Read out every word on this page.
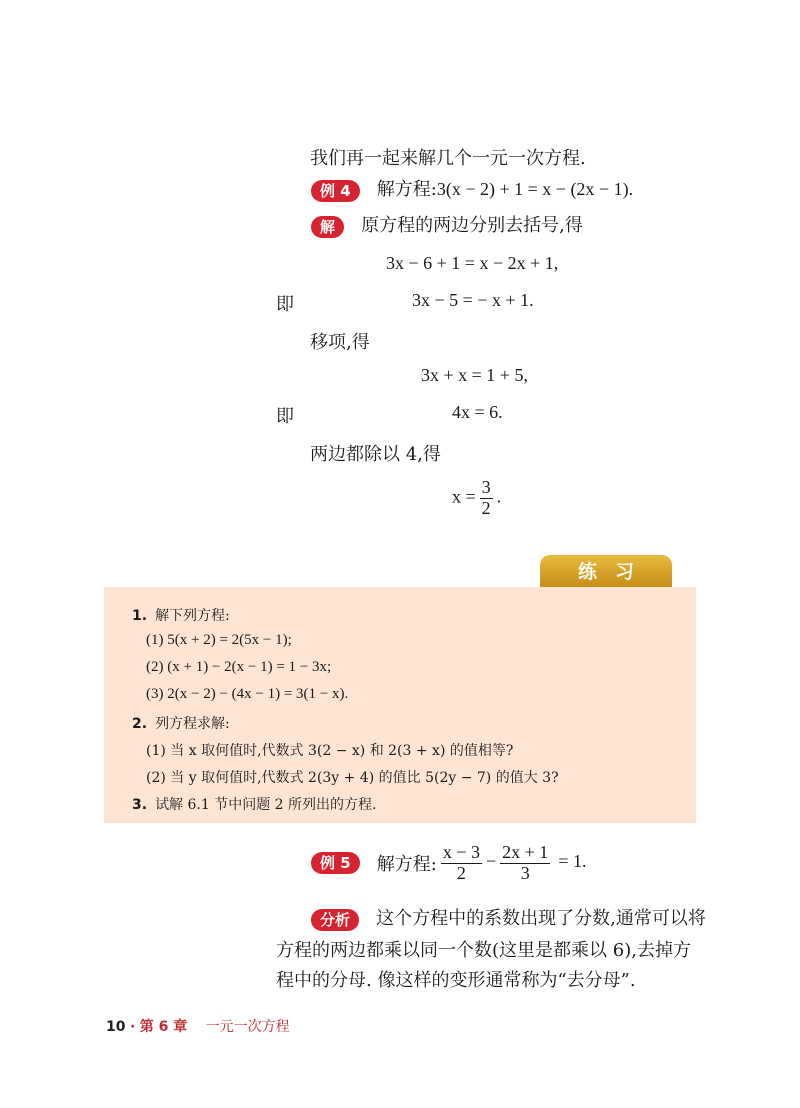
我们再一起来解几个一元一次方程.
例 4 解方程:3(x − 2) + 1 = x − (2x − 1).
解 原方程的两边分别去括号,得
3x − 6 + 1 = x − 2x + 1,
即	3x − 5 = − x + 1.
移项,得
3x + x = 1 + 5,
即	4x = 6.
两边都除以 4,得
$x = \frac{3}{2}$ .
练习
1. 解下列方程:
(1) 5(x + 2) = 2(5x − 1);
(2) (x + 1) − 2(x − 1) = 1 − 3x;
(3) 2(x − 2) − (4x − 1) = 3(1 − x).
2. 列方程求解:
(1) 当 x 取何值时,代数式 3(2 − x) 和 2(3 + x) 的值相等?
(2) 当 y 取何值时,代数式 2(3y + 4) 的值比 5(2y − 7) 的值大 3?
3. 试解 6.1 节中问题 2 所列出的方程.
例 5 解方程: $\frac{x - 3}{2} - \frac{2x + 1}{3} = 1$.
分析 这个方程中的系数出现了分数,通常可以将
方程的两边都乘以同一个数(这里是都乘以 6),去掉方
程中的分母. 像这样的变形通常称为“去分母”.
10 · 第 6 章 一元一次方程
